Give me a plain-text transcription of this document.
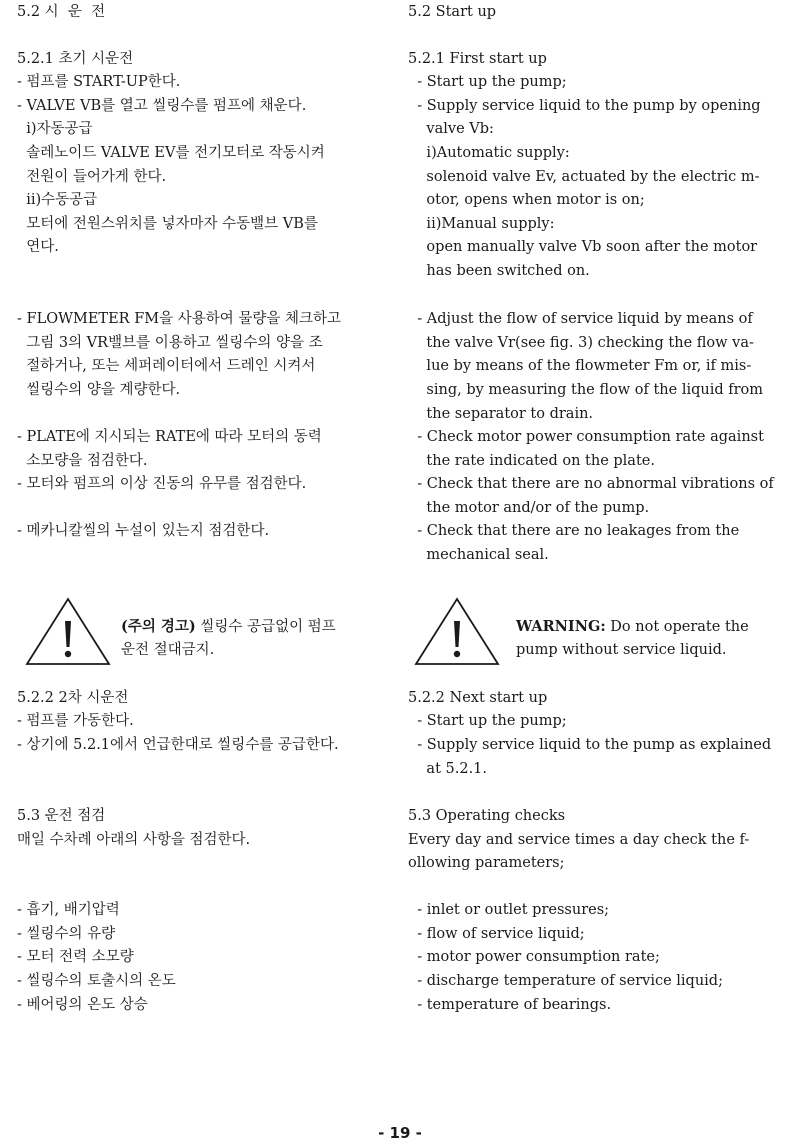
5.2 시  운  전

5.2.1 초기 시운전

- 펌프를 START-UP한다.

- VALVE VB를 열고 씰링수를 펌프에 채운다.

i)자동공급

솔레노이드 VALVE EV를 전기모터로 작동시켜

전원이 들어가게 한다.

ii)수동공급

모터에 전원스위치를 넣자마자 수동밸브 VB를

연다.

- FLOWMETER FM을 사용하여 물량을 체크하고

그림 3의 VR밸브를 이용하고 씰링수의 양을 조

절하거나, 또는 세퍼레이터에서 드레인 시켜서

씰링수의 양을 계량한다.

- PLATE에 지시되는 RATE에 따라 모터의 동력

소모량을 점검한다.

- 모터와 펌프의 이상 진동의 유무를 점검한다.

- 메카니칼씰의 누설이 있는지 점검한다.

(주의 경고) 씰링수 공급없이 펌프

운전 절대금지.

5.2.2 2차 시운전

- 펌프를 가동한다.

- 상기에 5.2.1에서 언급한대로 씰링수를 공급한다.

5.3 운전 점검

매일 수차례 아래의 사항을 점검한다.

- 흡기, 배기압력

- 씰링수의 유량

- 모터 전력 소모량

- 씰링수의 토출시의 온도

- 베어링의 온도 상승

5.2 Start up

5.2.1 First start up

- Start up the pump;

- Supply service liquid to the pump by opening

valve Vb:

i)Automatic supply:

solenoid valve Ev, actuated by the electric m-

otor, opens when motor is on;

ii)Manual supply:

open manually valve Vb soon after the motor

has been switched on.

- Adjust the flow of service liquid by means of

the valve Vr(see fig. 3) checking the flow va-

lue by means of the flowmeter Fm or, if mis-

sing, by measuring the flow of the liquid from

the separator to drain.

- Check motor power consumption rate against

the rate indicated on the plate.

- Check that there are no abnormal vibrations of

the motor and/or of the pump.

- Check that there are no leakages from the

mechanical seal.

WARNING: Do not operate the

pump without service liquid.

5.2.2 Next start up

- Start up the pump;

- Supply service liquid to the pump as explained

at 5.2.1.

5.3 Operating checks

Every day and service times a day check the f-

ollowing parameters;

- inlet or outlet pressures;

- flow of service liquid;

- motor power consumption rate;

- discharge temperature of service liquid;

- temperature of bearings.

- 19 -
